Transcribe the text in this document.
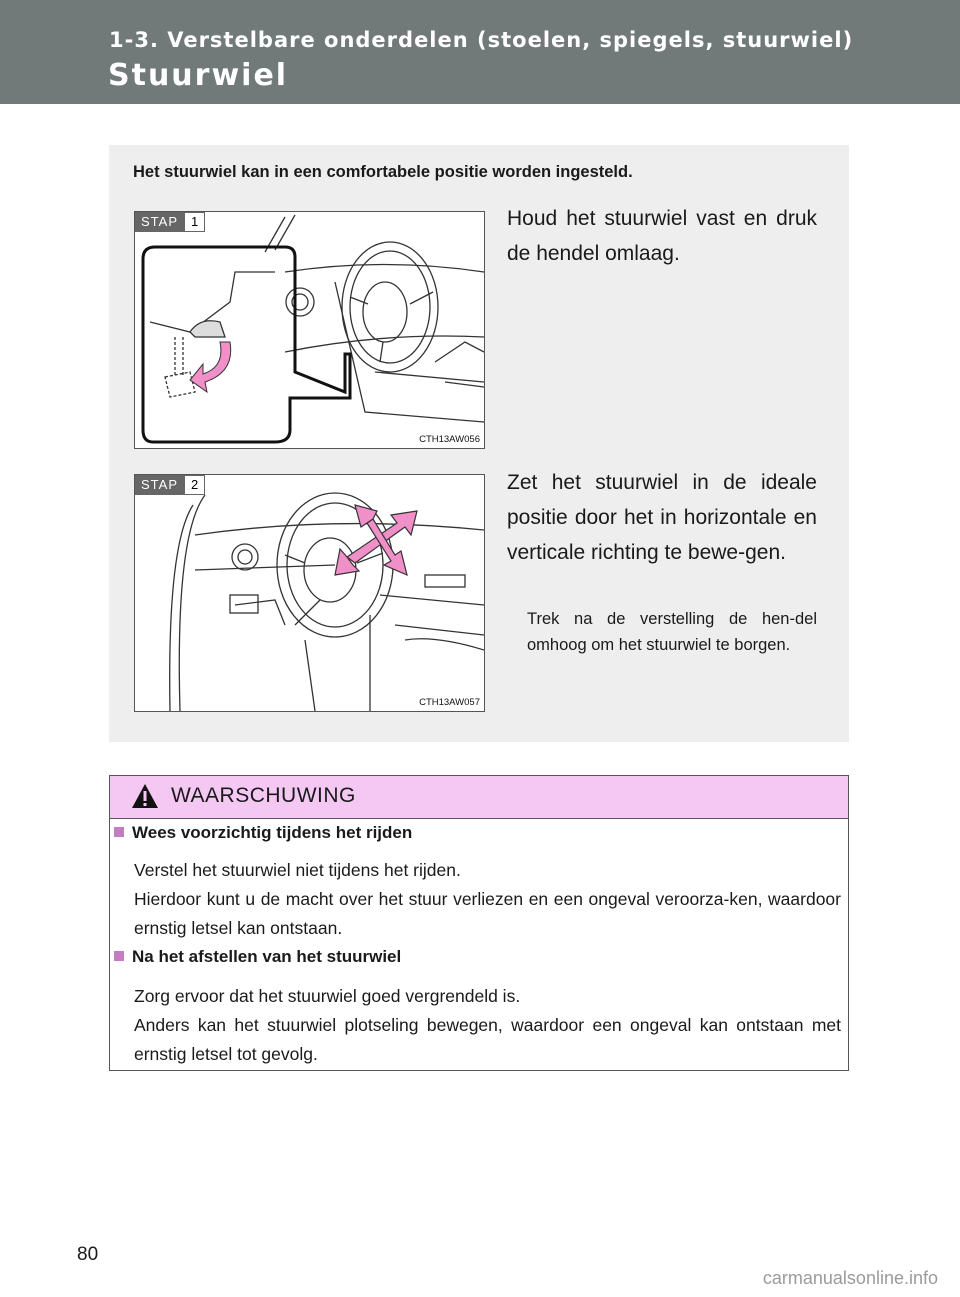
1-3. Verstelbare onderdelen (stoelen, spiegels, stuurwiel)
Stuurwiel
Het stuurwiel kan in een comfortabele positie worden ingesteld.
STAP	1
CTH13AW056
Houd het stuurwiel vast en druk de hendel omlaag.
STAP	2
CTH13AW057
Zet het stuurwiel in de ideale positie door het in horizontale en verticale richting te bewe-gen.
Trek na de verstelling de hen-del omhoog om het stuurwiel te borgen.
WAARSCHUWING
Wees voorzichtig tijdens het rijden

Verstel het stuurwiel niet tijdens het rijden.

Hierdoor kunt u de macht over het stuur verliezen en een ongeval veroorza-ken, waardoor ernstig letsel kan ontstaan.

Na het afstellen van het stuurwiel

Zorg ervoor dat het stuurwiel goed vergrendeld is.

Anders kan het stuurwiel plotseling bewegen, waardoor een ongeval kan ontstaan met ernstig letsel tot gevolg.

80
carmanualsonline.info
